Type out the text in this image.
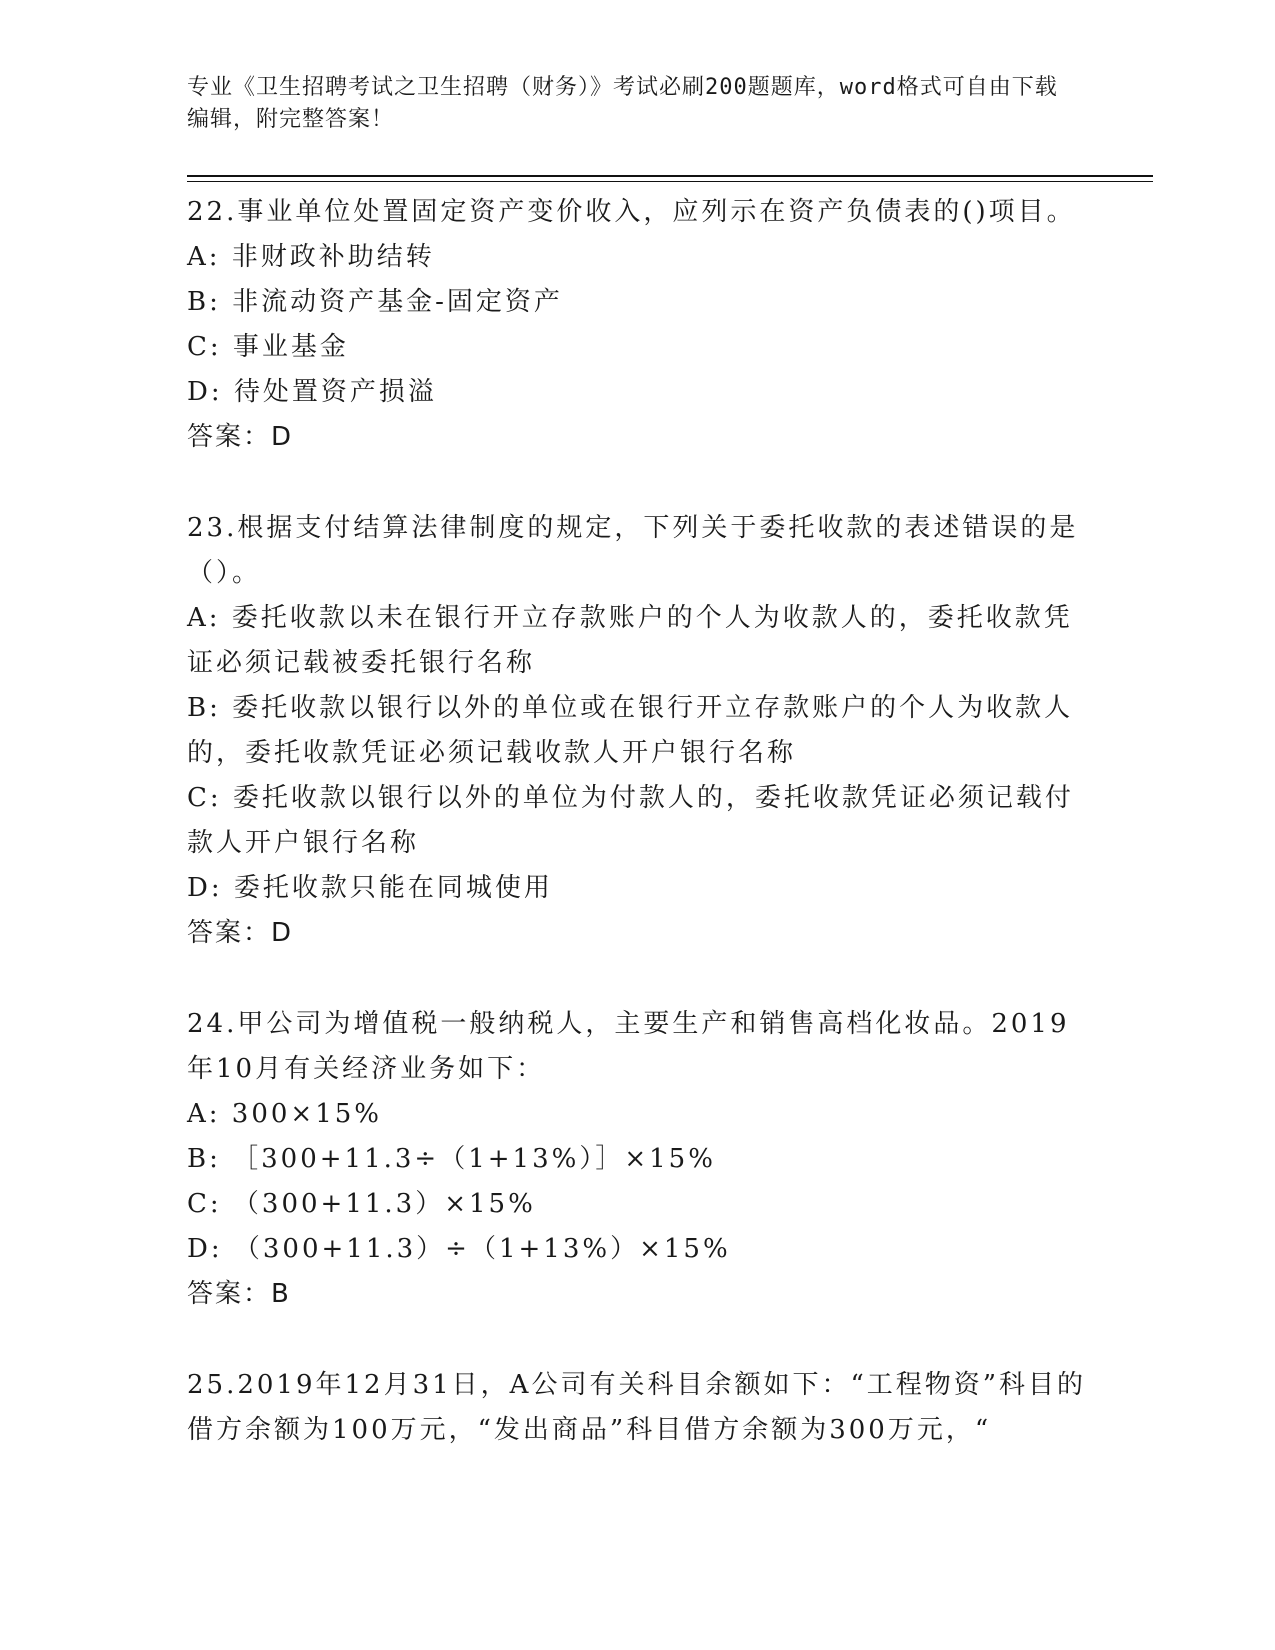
专业《卫生招聘考试之卫生招聘（财务）》考试必刷200题题库，word格式可自由下载编辑，附完整答案！

22.事业单位处置固定资产变价收入，应列示在资产负债表的()项目。

A: 非财政补助结转

B: 非流动资产基金-固定资产

C: 事业基金

D: 待处置资产损溢

答案：D

23.根据支付结算法律制度的规定，下列关于委托收款的表述错误的是（）。

A: 委托收款以未在银行开立存款账户的个人为收款人的，委托收款凭证必须记载被委托银行名称

B: 委托收款以银行以外的单位或在银行开立存款账户的个人为收款人的，委托收款凭证必须记载收款人开户银行名称

C: 委托收款以银行以外的单位为付款人的，委托收款凭证必须记载付款人开户银行名称

D: 委托收款只能在同城使用

答案：D

24.甲公司为增值税一般纳税人，主要生产和销售高档化妆品。2019年10月有关经济业务如下：

A: 300×15%

B: ［300+11.3÷（1+13%）］×15%

C: （300+11.3）×15%

D: （300+11.3）÷（1+13%）×15%

答案：B

25.2019年12月31日，A公司有关科目余额如下：“工程物资”科目的借方余额为100万元，“发出商品”科目借方余额为300万元，“
